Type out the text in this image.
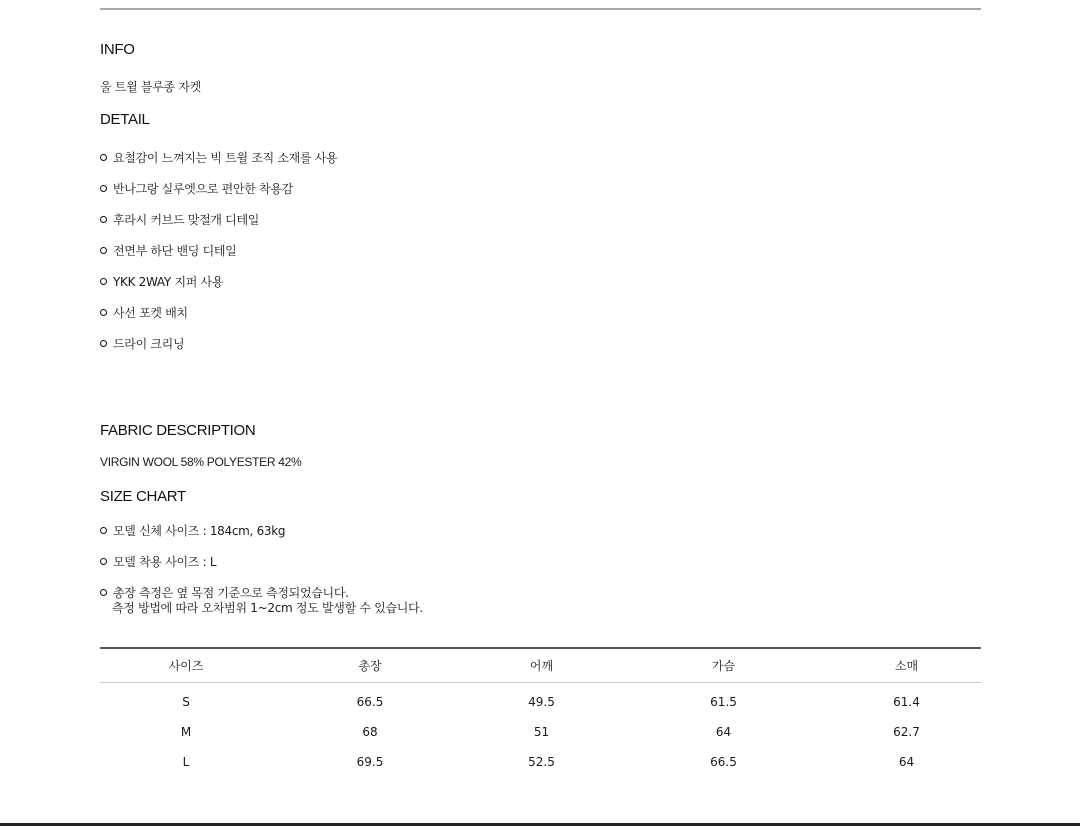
INFO
울 트윌 블루종 자켓
DETAIL
요철감이 느껴지는 빅 트윌 조직 소재를 사용
반나그랑 실루엣으로 편안한 착용감
후라시 커브드 맞절개 디테일
전면부 하단 밴딩 디테일
YKK 2WAY 지퍼 사용
사선 포켓 배치
드라이 크리닝
FABRIC DESCRIPTION
VIRGIN WOOL 58% POLYESTER 42%
SIZE CHART
모델 신체 사이즈 : 184cm, 63kg
모델 착용 사이즈 : L
총장 측정은 옆 목점 기준으로 측정되었습니다.
측정 방법에 따라 오차범위 1~2cm 정도 발생할 수 있습니다.
사이즈	총장	어깨	가슴	소매
S	66.5	49.5	61.5	61.4
M	68	51	64	62.7
L	69.5	52.5	66.5	64
